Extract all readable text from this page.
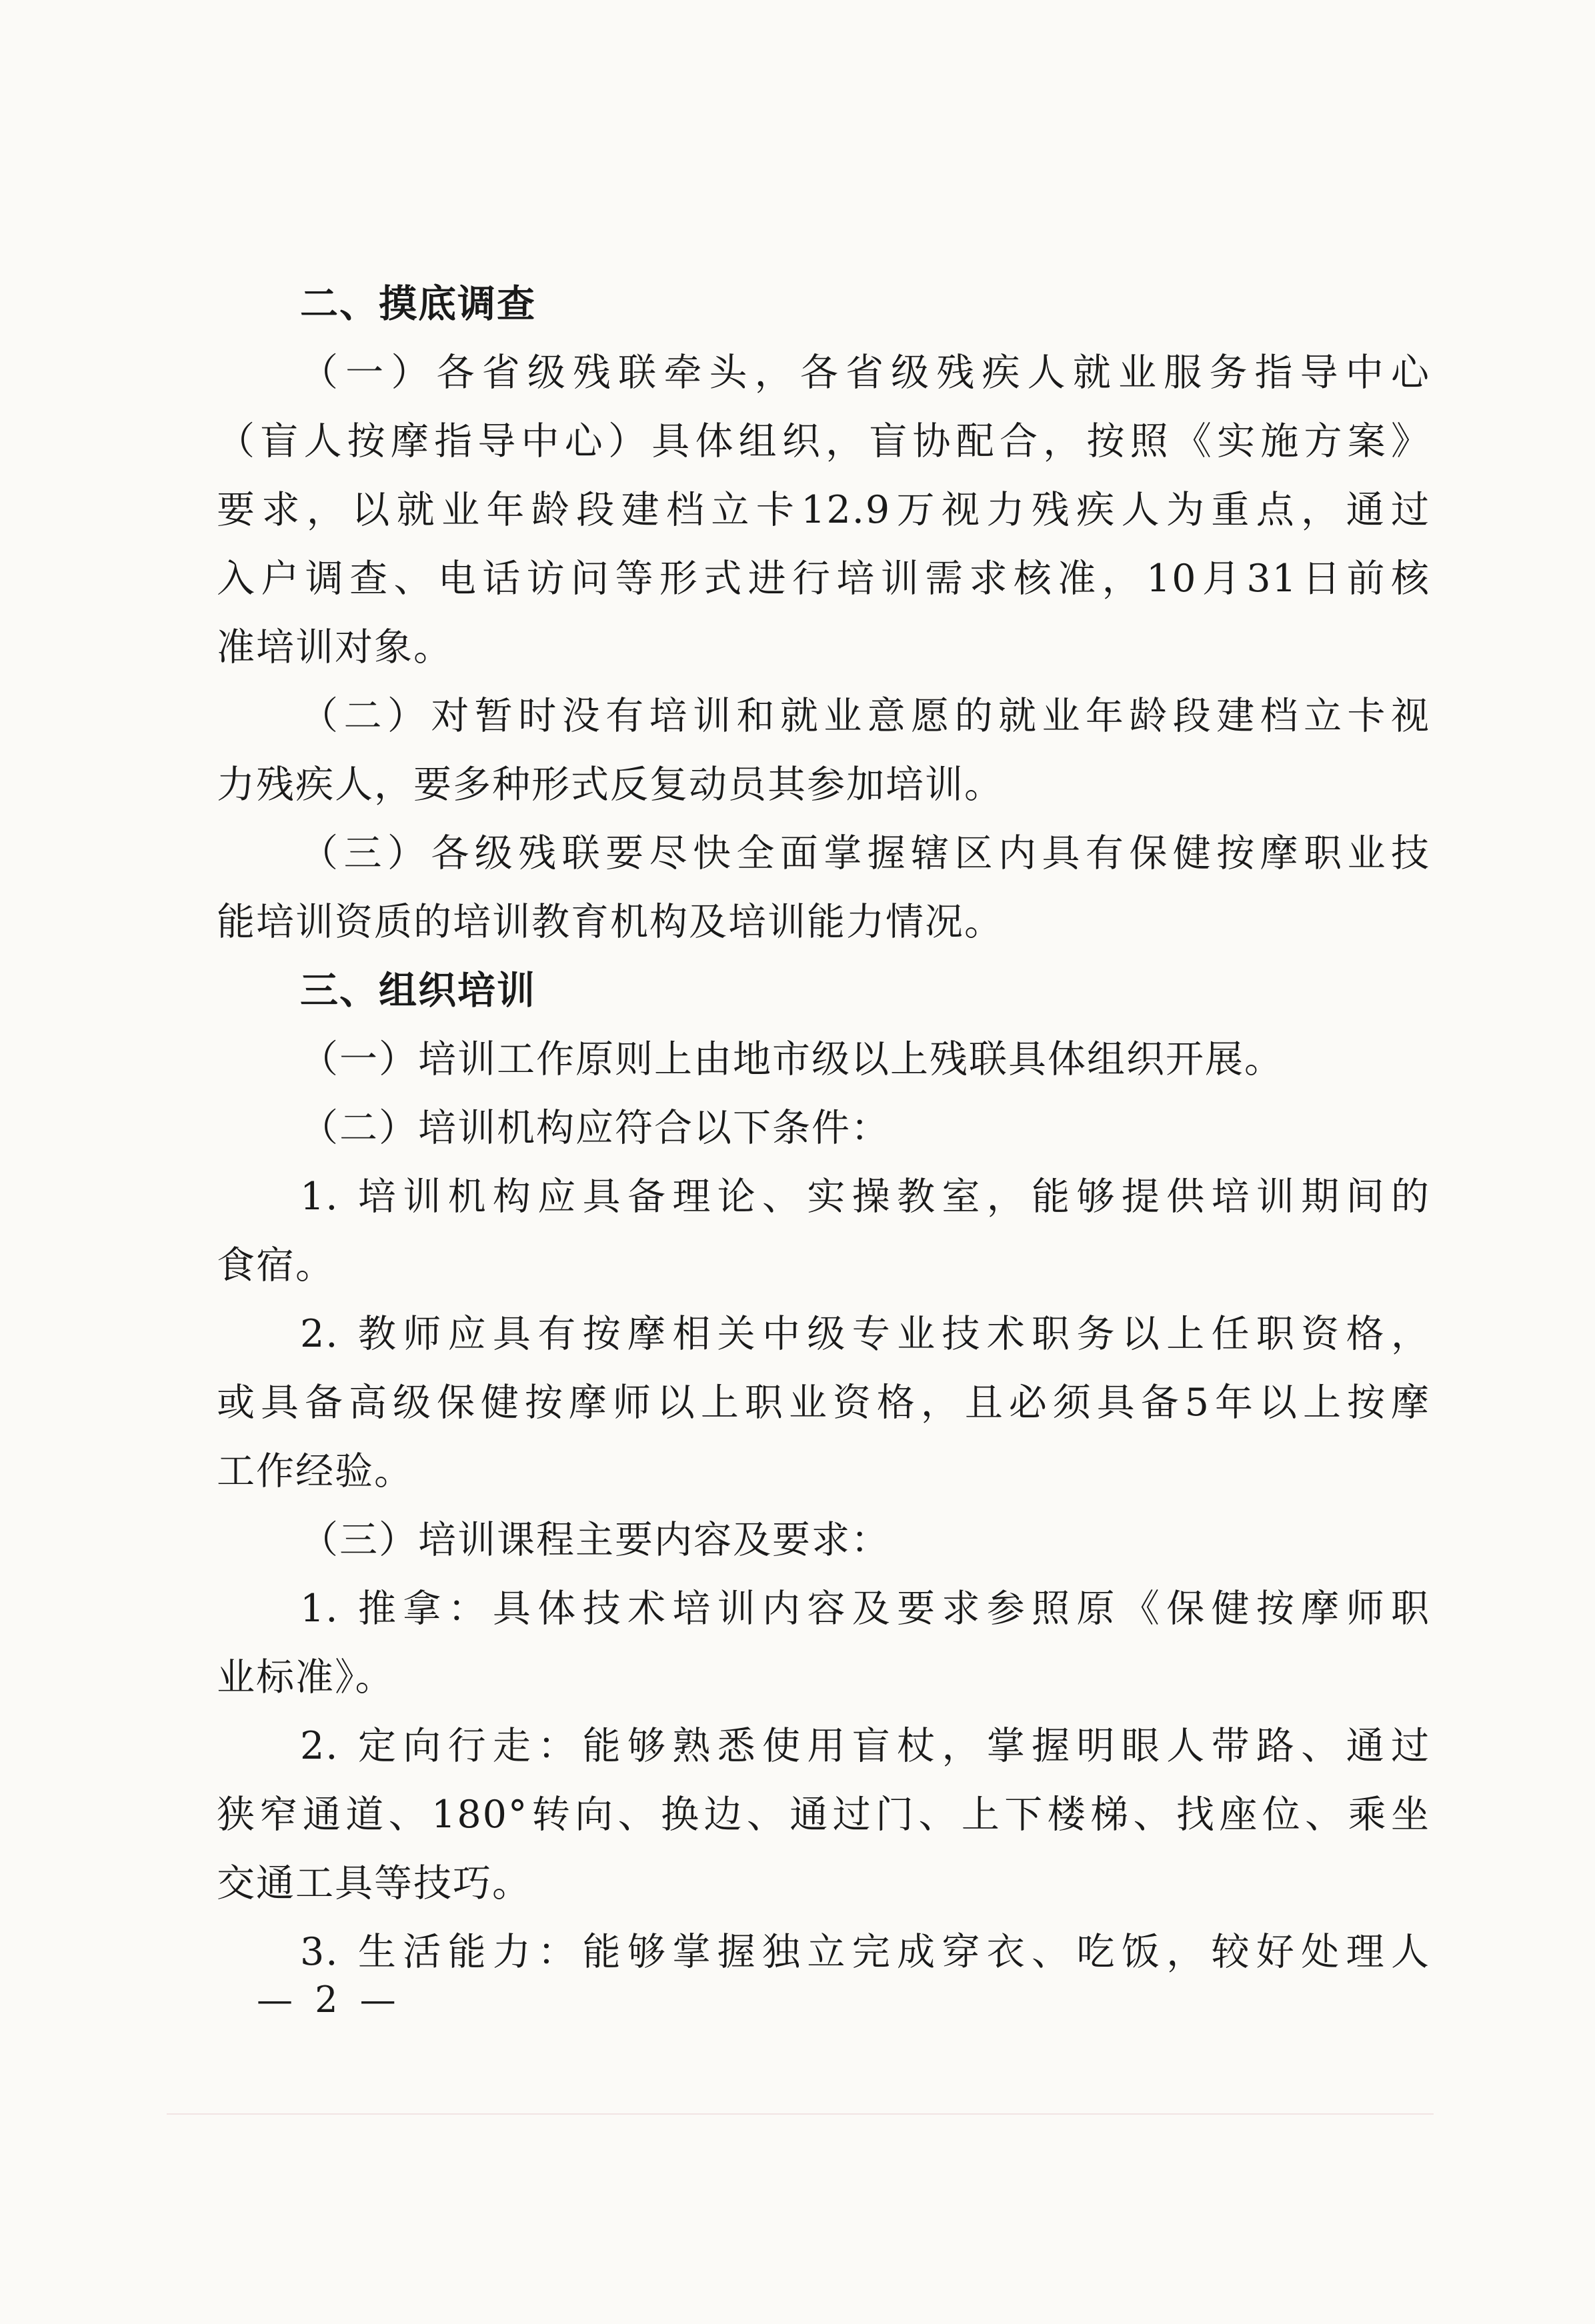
二、摸底调查
（一）各省级残联牵头，各省级残疾人就业服务指导中心
（盲人按摩指导中心）具体组织，盲协配合，按照《实施方案》
要求，以就业年龄段建档立卡12.9万视力残疾人为重点，通过
入户调查、电话访问等形式进行培训需求核准，10月31日前核
准培训对象。
（二）对暂时没有培训和就业意愿的就业年龄段建档立卡视
力残疾人，要多种形式反复动员其参加培训。
（三）各级残联要尽快全面掌握辖区内具有保健按摩职业技
能培训资质的培训教育机构及培训能力情况。
三、组织培训
（一）培训工作原则上由地市级以上残联具体组织开展。
（二）培训机构应符合以下条件：
1. 培训机构应具备理论、实操教室，能够提供培训期间的
食宿。
2. 教师应具有按摩相关中级专业技术职务以上任职资格，
或具备高级保健按摩师以上职业资格，且必须具备5年以上按摩
工作经验。
（三）培训课程主要内容及要求：
1. 推拿：具体技术培训内容及要求参照原《保健按摩师职
业标准》。
2. 定向行走：能够熟悉使用盲杖，掌握明眼人带路、通过
狭窄通道、180°转向、换边、通过门、上下楼梯、找座位、乘坐
交通工具等技巧。
3. 生活能力：能够掌握独立完成穿衣、吃饭，较好处理人
— 2 —
